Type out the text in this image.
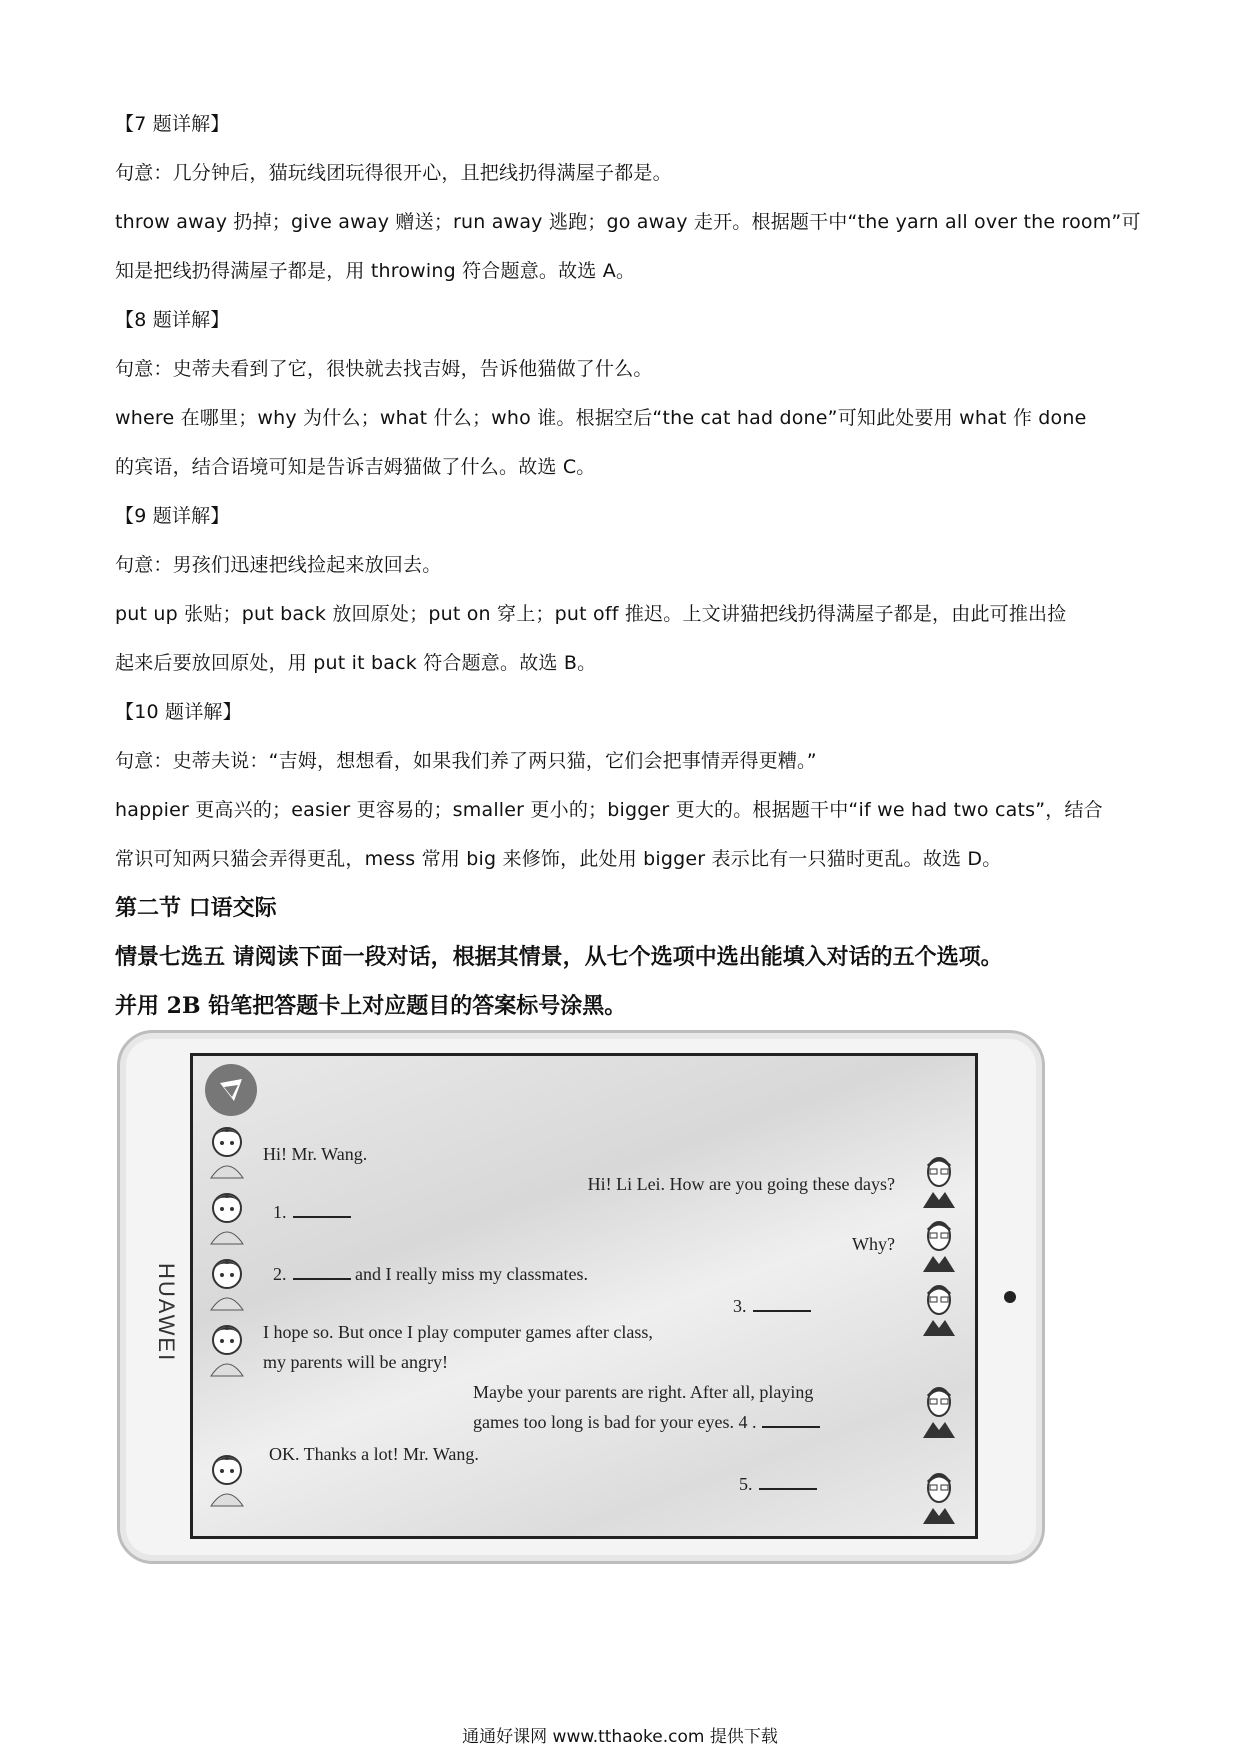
【7 题详解】
句意：几分钟后，猫玩线团玩得很开心，且把线扔得满屋子都是。
throw away 扔掉；give away 赠送；run away 逃跑；go away 走开。根据题干中“the yarn all over the room”可
知是把线扔得满屋子都是，用 throwing 符合题意。故选 A。
【8 题详解】
句意：史蒂夫看到了它，很快就去找吉姆，告诉他猫做了什么。
where 在哪里；why 为什么；what 什么；who 谁。根据空后“the cat had done”可知此处要用 what 作 done
的宾语，结合语境可知是告诉吉姆猫做了什么。故选 C。
【9 题详解】
句意：男孩们迅速把线捡起来放回去。
put up 张贴；put back 放回原处；put on 穿上；put off 推迟。上文讲猫把线扔得满屋子都是，由此可推出捡
起来后要放回原处，用 put it back 符合题意。故选 B。
【10 题详解】
句意：史蒂夫说：“吉姆，想想看，如果我们养了两只猫，它们会把事情弄得更糟。”
happier 更高兴的；easier 更容易的；smaller 更小的；bigger 更大的。根据题干中“if we had two cats”，结合
常识可知两只猫会弄得更乱，mess 常用 big 来修饰，此处用 bigger 表示比有一只猫时更乱。故选 D。
第二节 口语交际
情景七选五 请阅读下面一段对话，根据其情景，从七个选项中选出能填入对话的五个选项。
并用 2B 铅笔把答题卡上对应题目的答案标号涂黑。
HUAWEI
Hi! Mr. Wang.
Hi! Li Lei. How are you going these days?
1.
Why?
2.	and I really miss my classmates.
3.
I hope so. But once I play computer games after class,
my parents will be angry!
Maybe your parents are right. After all, playing
games too long is bad for your eyes. 4 .
OK. Thanks a lot! Mr. Wang.
5.
通通好课网 www.tthaoke.com 提供下载
